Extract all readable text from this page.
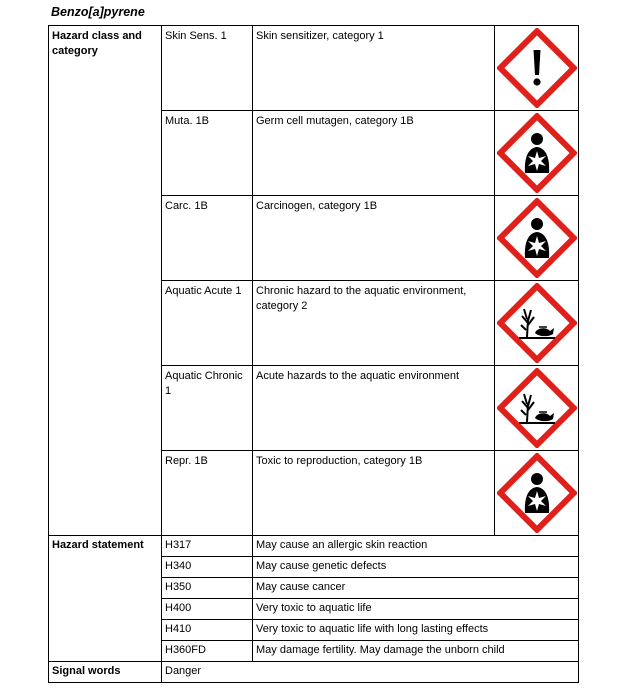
Benzo[a]pyrene
Hazard class and category	Skin Sens. 1	Skin sensitizer, category 1	

	Muta. 1B	Germ cell mutagen, category 1B	

	Carc. 1B	Carcinogen, category 1B	

	Aquatic Acute 1	Chronic hazard to the aquatic environment, category 2	

	Aquatic Chronic 1	Acute hazards to the aquatic environment	

	Repr. 1B	Toxic to reproduction, category 1B	

Hazard statement	H317	May cause an allergic skin reaction	
	H340	May cause genetic defects	
	H350	May cause cancer	
	H400	Very toxic to aquatic life	
	H410	Very toxic to aquatic life with long lasting effects	
	H360FD	May damage fertility. May damage the unborn child	
Signal words	Danger		
